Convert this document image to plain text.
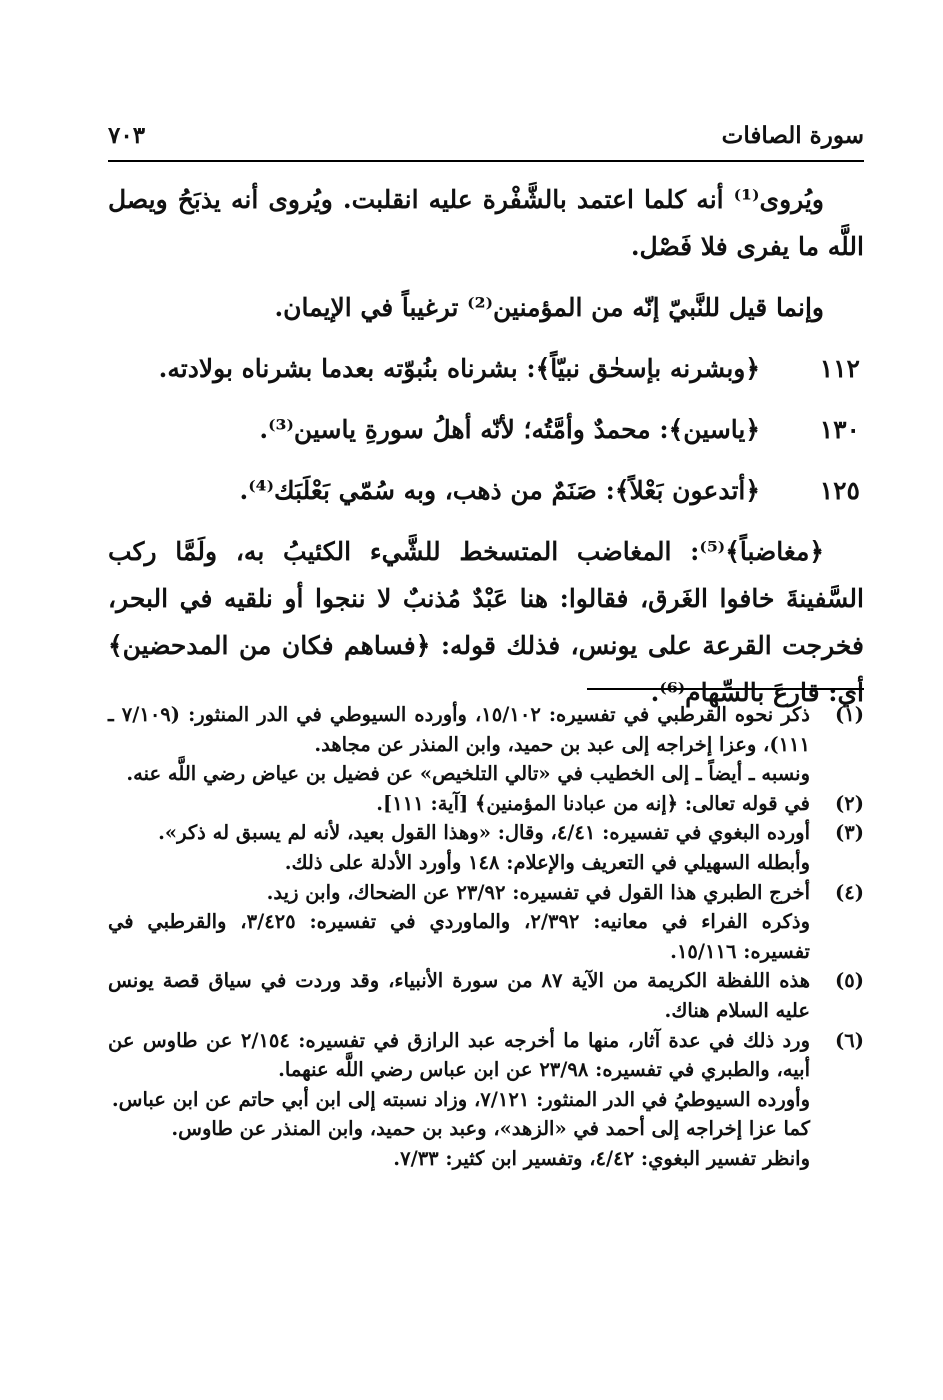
سورة الصافات
٧٠٣

ويُروى⁽¹⁾ أنه كلما اعتمد بالشَّفْرة عليه انقلبت. ويُروى أنه يذبَحُ ويصل اللَّه ما يفرى فلا فَصْل.

وإنما قيل للنَّبيّ إنّه من المؤمنين⁽²⁾ ترغيباً في الإيمان.

١١٢
﴿وبشرنه بإسحٰق نبيّاً﴾: بشرناه بنُبوّته بعدما بشرناه بولادته.
١٣٠
﴿ياسين﴾: محمدٌ وأمَّتُه؛ لأنّه أهلُ سورةِ ياسين⁽³⁾.
١٢٥
﴿أتدعون بَعْلاً﴾: صَنَمٌ من ذهب، وبه سُمّي بَعْلَبَك⁽⁴⁾.

﴿مغاضباً﴾⁽⁵⁾: المغاضب المتسخط للشَّيء الكئيبُ به، ولَمَّا ركب السَّفينةَ خافوا الغَرق، فقالوا: هنا عَبْدٌ مُذنبٌ لا ننجوا أو نلقيه في البحر، فخرجت القرعة على يونس، فذلك قوله: ﴿فساهم فكان من المدحضين﴾ أي: قارعَ بالسِّهام⁽⁶⁾.

(١)
ذكر نحوه القرطبي في تفسيره: ١٥/١٠٢، وأورده السيوطي في الدر المنثور: (٧/١٠٩ ـ ١١١)، وعزا إخراجه إلى عبد بن حميد، وابن المنذر عن مجاهد.
ونسبه ـ أيضاً ـ إلى الخطيب في «تالي التلخيص» عن فضيل بن عياض رضي اللَّه عنه.
(٢)
في قوله تعالى: ﴿إنه من عبادنا المؤمنين﴾ [آية: ١١١].
(٣)
أورده البغوي في تفسيره: ٤/٤١، وقال: «وهذا القول بعيد، لأنه لم يسبق له ذكر».
وأبطله السهيلي في التعريف والإعلام: ١٤٨ وأورد الأدلة على ذلك.
(٤)
أخرج الطبري هذا القول في تفسيره: ٢٣/٩٢ عن الضحاك، وابن زيد.
وذكره الفراء في معانيه: ٢/٣٩٢، والماوردي في تفسيره: ٣/٤٢٥، والقرطبي في تفسيره: ١٥/١١٦.
(٥)
هذه اللفظة الكريمة من الآية ٨٧ من سورة الأنبياء، وقد وردت في سياق قصة يونس عليه السلام هناك.
(٦)
ورد ذلك في عدة آثار، منها ما أخرجه عبد الرازق في تفسيره: ٢/١٥٤ عن طاوس عن أبيه، والطبري في تفسيره: ٢٣/٩٨ عن ابن عباس رضي اللَّه عنهما.
وأورده السيوطيُ في الدر المنثور: ٧/١٢١، وزاد نسبته إلى ابن أبي حاتم عن ابن عباس.
كما عزا إخراجه إلى أحمد في «الزهد»، وعبد بن حميد، وابن المنذر عن طاوس.
وانظر تفسير البغوي: ٤/٤٢، وتفسير ابن كثير: ٧/٣٣.
